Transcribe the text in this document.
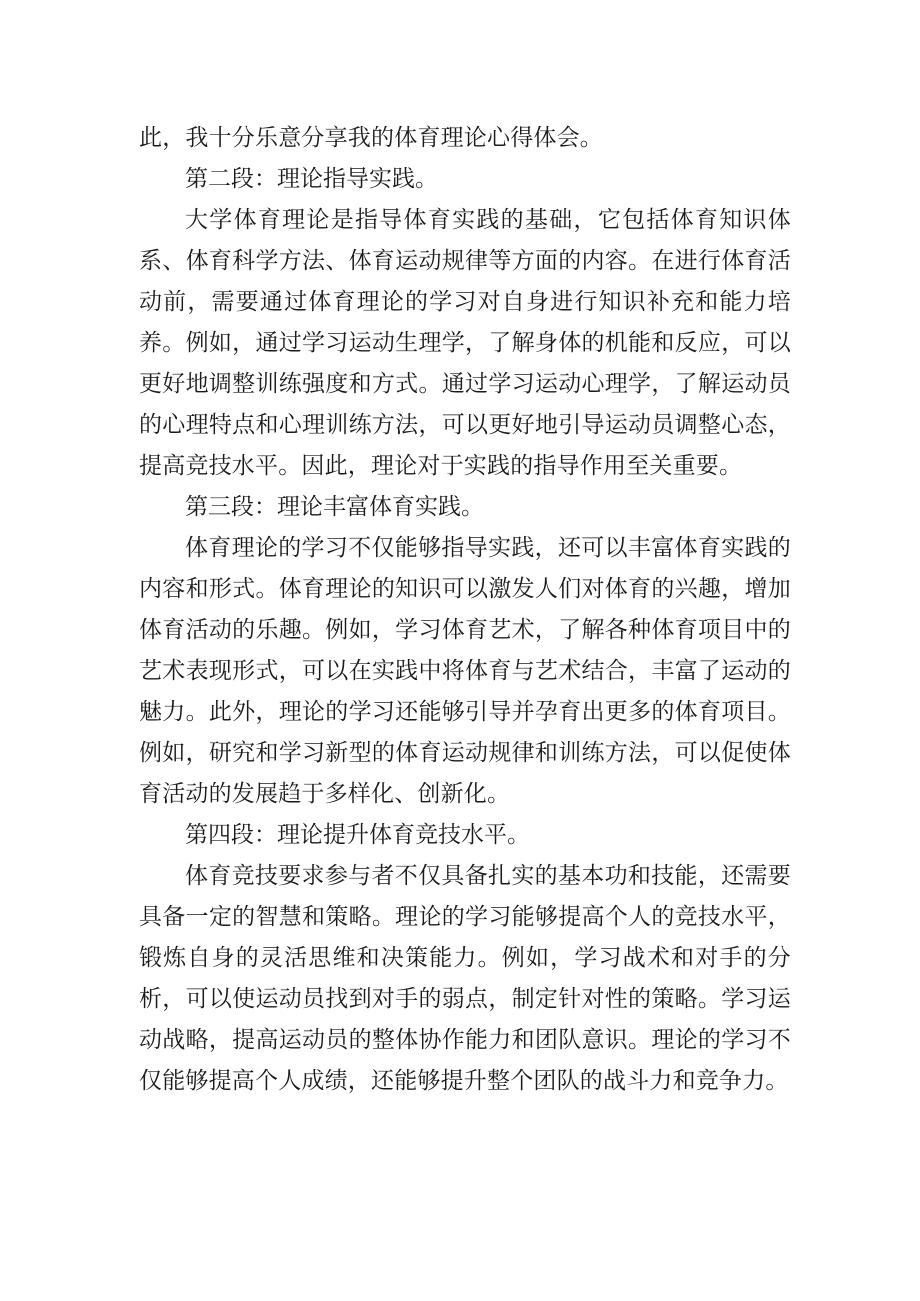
此，我十分乐意分享我的体育理论心得体会。

第二段：理论指导实践。

大学体育理论是指导体育实践的基础，它包括体育知识体系、体育科学方法、体育运动规律等方面的内容。在进行体育活动前，需要通过体育理论的学习对自身进行知识补充和能力培养。例如，通过学习运动生理学，了解身体的机能和反应，可以更好地调整训练强度和方式。通过学习运动心理学，了解运动员的心理特点和心理训练方法，可以更好地引导运动员调整心态，提高竞技水平。因此，理论对于实践的指导作用至关重要。

第三段：理论丰富体育实践。

体育理论的学习不仅能够指导实践，还可以丰富体育实践的内容和形式。体育理论的知识可以激发人们对体育的兴趣，增加体育活动的乐趣。例如，学习体育艺术，了解各种体育项目中的艺术表现形式，可以在实践中将体育与艺术结合，丰富了运动的魅力。此外，理论的学习还能够引导并孕育出更多的体育项目。例如，研究和学习新型的体育运动规律和训练方法，可以促使体育活动的发展趋于多样化、创新化。

第四段：理论提升体育竞技水平。

体育竞技要求参与者不仅具备扎实的基本功和技能，还需要具备一定的智慧和策略。理论的学习能够提高个人的竞技水平，锻炼自身的灵活思维和决策能力。例如，学习战术和对手的分析，可以使运动员找到对手的弱点，制定针对性的策略。学习运动战略，提高运动员的整体协作能力和团队意识。理论的学习不仅能够提高个人成绩，还能够提升整个团队的战斗力和竞争力。
